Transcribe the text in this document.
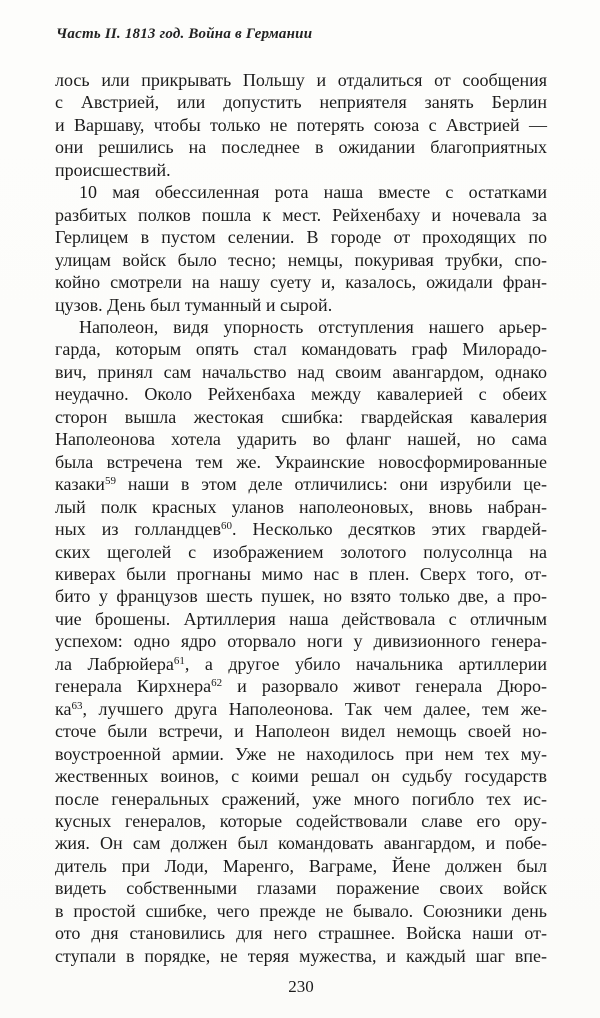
Часть II. 1813 год. Война в Германии
лось или прикрывать Польшу и отдалиться от сообщения
с Австрией, или допустить неприятеля занять Берлин
и Варшаву, чтобы только не потерять союза с Австрией —
они решились на последнее в ожидании благоприятных
происшествий.
10 мая обессиленная рота наша вместе с остатками
разбитых полков пошла к мест. Рейхенбаху и ночевала за
Герлицем в пустом селении. В городе от проходящих по
улицам войск было тесно; немцы, покуривая трубки, спо-
койно смотрели на нашу суету и, казалось, ожидали фран-
цузов. День был туманный и сырой.
Наполеон, видя упорность отступления нашего арьер-
гарда, которым опять стал командовать граф Милорадо-
вич, принял сам начальство над своим авангардом, однако
неудачно. Около Рейхенбаха между кавалерией с обеих
сторон вышла жестокая сшибка: гвардейская кавалерия
Наполеонова хотела ударить во фланг нашей, но сама
была встречена тем же. Украинские новосформированные
казаки$^{59}$ наши в этом деле отличились: они изрубили це-
лый полк красных уланов наполеоновых, вновь набран-
ных из голландцев$^{60}$. Несколько десятков этих гвардей-
ских щеголей с изображением золотого полусолнца на
киверах были прогнаны мимо нас в плен. Сверх того, от-
бито у французов шесть пушек, но взято только две, а про-
чие брошены. Артиллерия наша действовала с отличным
успехом: одно ядро оторвало ноги у дивизионного генера-
ла Лабрюйера$^{61}$, а другое убило начальника артиллерии
генерала Кирхнера$^{62}$ и разорвало живот генерала Дюро-
ка$^{63}$, лучшего друга Наполеонова. Так чем далее, тем же-
сточе были встречи, и Наполеон видел немощь своей но-
воустроенной армии. Уже не находилось при нем тех му-
жественных воинов, с коими решал он судьбу государств
после генеральных сражений, уже много погибло тех ис-
кусных генералов, которые содействовали славе его ору-
жия. Он сам должен был командовать авангардом, и побе-
дитель при Лоди, Маренго, Ваграме, Йене должен был
видеть собственными глазами поражение своих войск
в простой сшибке, чего прежде не бывало. Союзники день
ото дня становились для него страшнее. Войска наши от-
ступали в порядке, не теряя мужества, и каждый шаг впе-
230
